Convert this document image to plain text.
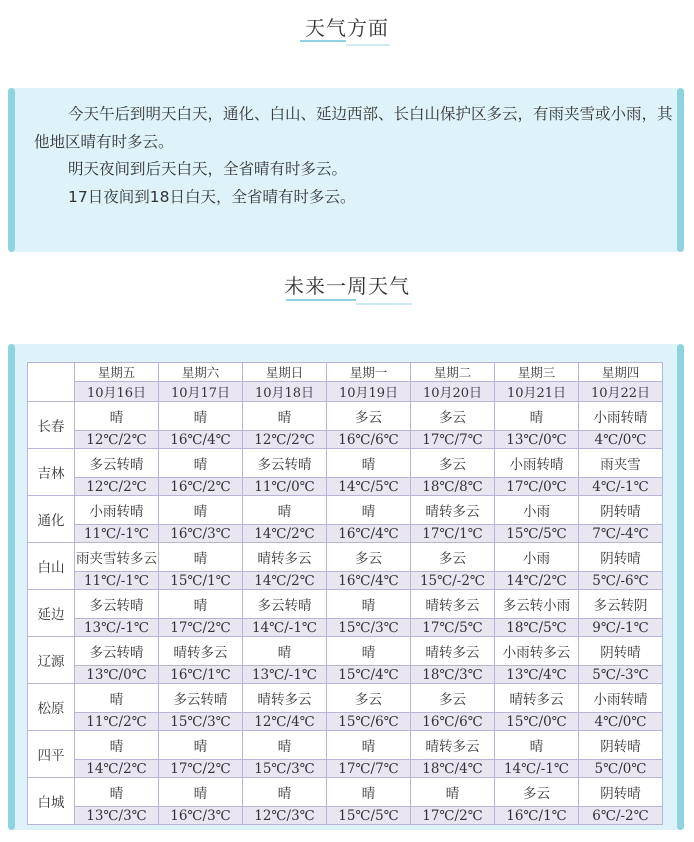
天气方面

今天午后到明天白天，通化、白山、延边西部、长白山保护区多云，有雨夹雪或小雨，其他地区晴有时多云。

明天夜间到后天白天，全省晴有时多云。

17日夜间到18日白天，全省晴有时多云。

未来一周天气
	星期五	星期六	星期日	星期一	星期二	星期三	星期四
	10月16日	10月17日	10月18日	10月19日	10月20日	10月21日	10月22日
长春	晴	晴	晴	多云	多云	晴	小雨转晴
	12℃/2℃	16℃/4℃	12℃/2℃	16℃/6℃	17℃/7℃	13℃/0℃	4℃/0℃
吉林	多云转晴	晴	多云转晴	晴	多云	小雨转晴	雨夹雪
	12℃/2℃	16℃/2℃	11℃/0℃	14℃/5℃	18℃/8℃	17℃/0℃	4℃/-1℃
通化	小雨转晴	晴	晴	晴	晴转多云	小雨	阴转晴
	11℃/-1℃	16℃/3℃	14℃/2℃	16℃/4℃	17℃/1℃	15℃/5℃	7℃/-4℃
白山	雨夹雪转多云	晴	晴转多云	多云	多云	小雨	阴转晴
	11℃/-1℃	15℃/1℃	14℃/2℃	16℃/4℃	15℃/-2℃	14℃/2℃	5℃/-6℃
延边	多云转晴	晴	多云转晴	晴	晴转多云	多云转小雨	多云转阴
	13℃/-1℃	17℃/2℃	14℃/-1℃	15℃/3℃	17℃/5℃	18℃/5℃	9℃/-1℃
辽源	多云转晴	晴转多云	晴	晴	晴转多云	小雨转多云	阴转晴
	13℃/0℃	16℃/1℃	13℃/-1℃	15℃/4℃	18℃/3℃	13℃/4℃	5℃/-3℃
松原	晴	多云转晴	晴转多云	多云	多云	晴转多云	小雨转晴
	11℃/2℃	15℃/3℃	12℃/4℃	15℃/6℃	16℃/6℃	15℃/0℃	4℃/0℃
四平	晴	晴	晴	晴	晴转多云	晴	阴转晴
	14℃/2℃	17℃/2℃	15℃/3℃	17℃/7℃	18℃/4℃	14℃/-1℃	5℃/0℃
白城	晴	晴	晴	晴	晴	多云	阴转晴
	13℃/3℃	16℃/3℃	12℃/3℃	15℃/5℃	17℃/2℃	16℃/1℃	6℃/-2℃
